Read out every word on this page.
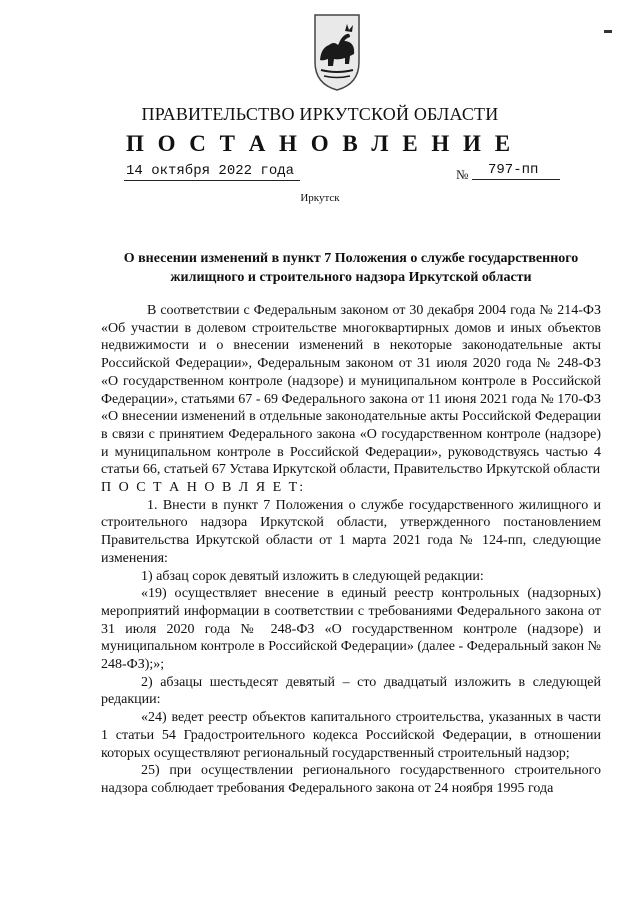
ПРАВИТЕЛЬСТВО ИРКУТСКОЙ ОБЛАСТИ
П О С Т А Н О В Л Е Н И Е
14 октября 2022 года	№	797-пп
Иркутск
О внесении изменений в пункт 7 Положения о службе государственного жилищного и строительного надзора Иркутской области

В соответствии с Федеральным законом от 30 декабря 2004 года № 214-ФЗ «Об участии в долевом строительстве многоквартирных домов и иных объектов недвижимости и о внесении изменений в некоторые законодательные акты Российской Федерации», Федеральным законом от 31 июля 2020 года № 248-ФЗ «О государственном контроле (надзоре) и муниципальном контроле в Российской Федерации», статьями 67 - 69 Федерального закона от 11 июня 2021 года № 170-ФЗ «О внесении изменений в отдельные законодательные акты Российской Федерации в связи с принятием Федерального закона «О государственном контроле (надзоре) и муниципальном контроле в Российской Федерации», руководствуясь частью 4 статьи 66, статьей 67 Устава Иркутской области, Правительство Иркутской области

П О С Т А Н О В Л Я Е Т:

1. Внести в пункт 7 Положения о службе государственного жилищного и строительного надзора Иркутской области, утвержденного постановлением Правительства Иркутской области от 1 марта 2021 года № 124-пп, следующие изменения:

1) абзац сорок девятый изложить в следующей редакции:

«19) осуществляет внесение в единый реестр контрольных (надзорных) мероприятий информации в соответствии с требованиями Федерального закона от 31 июля 2020 года № 248-ФЗ «О государственном контроле (надзоре) и муниципальном контроле в Российской Федерации» (далее - Федеральный закон № 248-ФЗ);»;

2) абзацы шестьдесят девятый – сто двадцатый изложить в следующей редакции:

«24) ведет реестр объектов капитального строительства, указанных в части 1 статьи 54 Градостроительного кодекса Российской Федерации, в отношении которых осуществляют региональный государственный строительный надзор;

25) при осуществлении регионального государственного строительного надзора соблюдает требования Федерального закона от 24 ноября 1995 года
